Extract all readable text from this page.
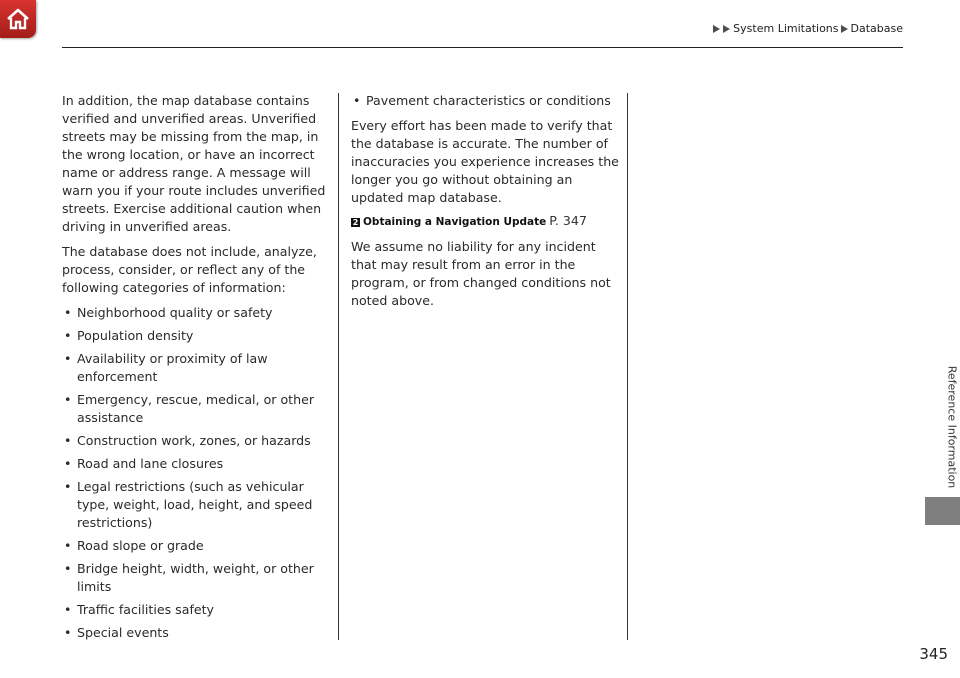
System Limitations Database

In addition, the map database contains verified and unverified areas. Unverified streets may be missing from the map, in the wrong location, or have an incorrect name or address range. A message will warn you if your route includes unverified streets. Exercise additional caution when driving in unverified areas.

The database does not include, analyze, process, consider, or reflect any of the following categories of information:

• Neighborhood quality or safety
• Population density
• Availability or proximity of law enforcement
• Emergency, rescue, medical, or other assistance
• Construction work, zones, or hazards
• Road and lane closures
• Legal restrictions (such as vehicular type, weight, load, height, and speed restrictions)
• Road slope or grade
• Bridge height, width, weight, or other limits
• Traffic facilities safety
• Special events
• Pavement characteristics or conditions

Every effort has been made to verify that the database is accurate. The number of inaccuracies you experience increases the longer you go without obtaining an updated map database.

2 Obtaining a Navigation Update P. 347

We assume no liability for any incident that may result from an error in the program, or from changed conditions not noted above.

Reference Information
345
